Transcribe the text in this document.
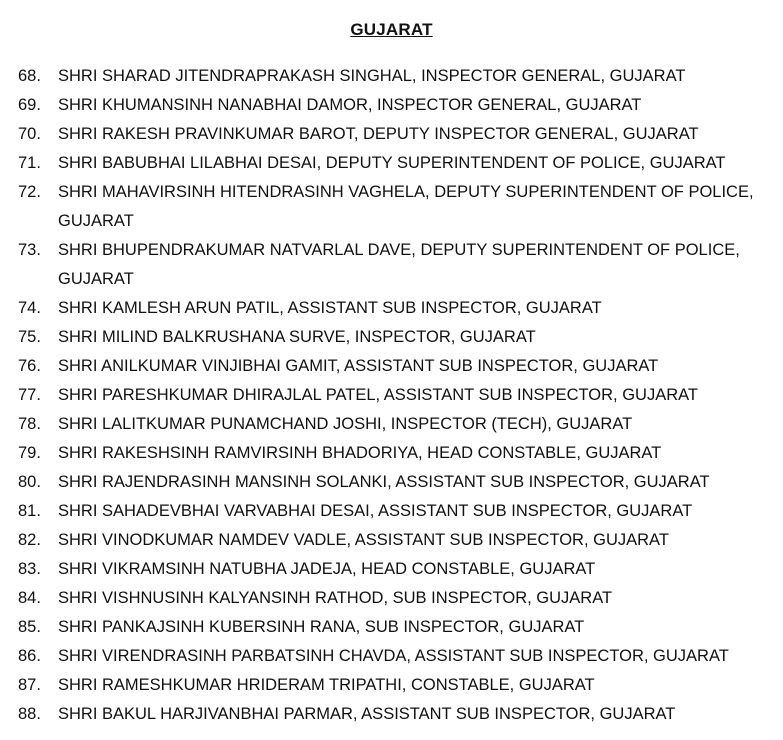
GUJARAT
68.	SHRI SHARAD JITENDRAPRAKASH SINGHAL, INSPECTOR GENERAL, GUJARAT
69.	SHRI KHUMANSINH NANABHAI DAMOR, INSPECTOR GENERAL, GUJARAT
70.	SHRI RAKESH PRAVINKUMAR BAROT, DEPUTY INSPECTOR GENERAL, GUJARAT
71.	SHRI BABUBHAI LILABHAI DESAI, DEPUTY SUPERINTENDENT OF POLICE, GUJARAT
72.	SHRI MAHAVIRSINH HITENDRASINH VAGHELA, DEPUTY SUPERINTENDENT OF POLICE, GUJARAT
73.	SHRI BHUPENDRAKUMAR NATVARLAL DAVE, DEPUTY SUPERINTENDENT OF POLICE, GUJARAT
74.	SHRI KAMLESH ARUN PATIL, ASSISTANT SUB INSPECTOR, GUJARAT
75.	SHRI MILIND BALKRUSHANA SURVE, INSPECTOR, GUJARAT
76.	SHRI ANILKUMAR VINJIBHAI GAMIT, ASSISTANT SUB INSPECTOR, GUJARAT
77.	SHRI PARESHKUMAR DHIRAJLAL PATEL, ASSISTANT SUB INSPECTOR, GUJARAT
78.	SHRI LALITKUMAR PUNAMCHAND JOSHI, INSPECTOR (TECH), GUJARAT
79.	SHRI RAKESHSINH RAMVIRSINH BHADORIYA, HEAD CONSTABLE, GUJARAT
80.	SHRI RAJENDRASINH MANSINH SOLANKI, ASSISTANT SUB INSPECTOR, GUJARAT
81.	SHRI SAHADEVBHAI VARVABHAI DESAI, ASSISTANT SUB INSPECTOR, GUJARAT
82.	SHRI VINODKUMAR NAMDEV VADLE, ASSISTANT SUB INSPECTOR, GUJARAT
83.	SHRI VIKRAMSINH NATUBHA JADEJA, HEAD CONSTABLE, GUJARAT
84.	SHRI VISHNUSINH KALYANSINH RATHOD, SUB INSPECTOR, GUJARAT
85.	SHRI PANKAJSINH KUBERSINH RANA, SUB INSPECTOR, GUJARAT
86.	SHRI VIRENDRASINH PARBATSINH CHAVDA, ASSISTANT SUB INSPECTOR, GUJARAT
87.	SHRI RAMESHKUMAR HRIDERAM TRIPATHI, CONSTABLE, GUJARAT
88.	SHRI BAKUL HARJIVANBHAI PARMAR, ASSISTANT SUB INSPECTOR, GUJARAT
